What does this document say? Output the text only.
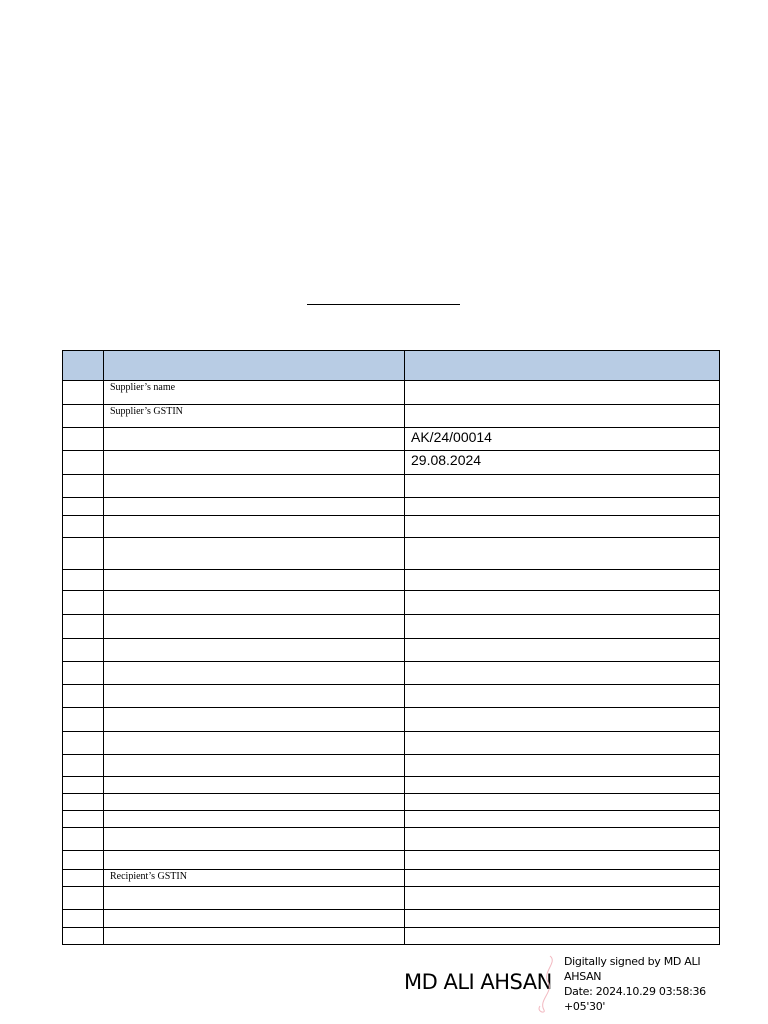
	Supplier’s name	
	Supplier’s GSTIN	
		AK/24/00014
		29.08.2024

	Recipient’s GSTIN	

MD ALI AHSAN
Digitally signed by MD ALI
AHSAN
Date: 2024.10.29 03:58:36
+05'30'
